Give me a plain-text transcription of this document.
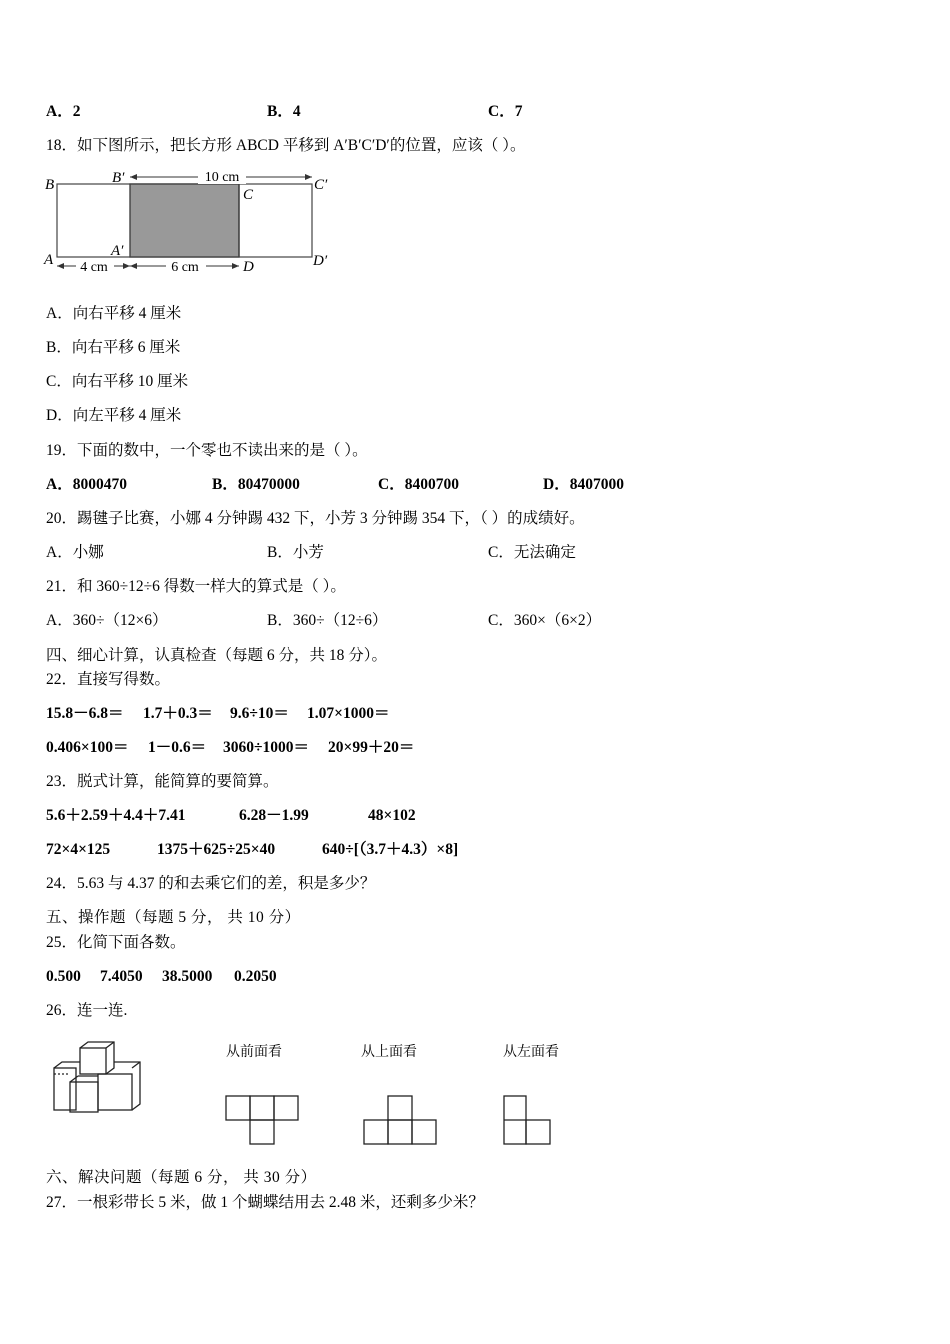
A．2	B．4	C．7
18．如下图所示，把长方形 ABCD 平移到 A′B′C′D′的位置，应该（ ）。
10 cm
4 cm	6 cm
B	B′
C
C′
A
A′
D	D′
A．向右平移 4 厘米
B．向右平移 6 厘米
C．向右平移 10 厘米
D．向左平移 4 厘米
19．下面的数中，一个零也不读出来的是（ ）。
A．8000470	B．80470000	C．8400700	D．8407000
20．踢毽子比赛，小娜 4 分钟踢 432 下，小芳 3 分钟踢 354 下，（ ）的成绩好。
A．小娜	B．小芳	C．无法确定
21．和 360÷12÷6 得数一样大的算式是（ ）。
A．360÷（12×6）	B．360÷（12÷6）	C．360×（6×2）
四、细心计算，认真检查（每题 6 分，共 18 分）。
22．直接写得数。
15.8－6.8＝ 1.7＋0.3＝ 9.6÷10＝ 1.07×1000＝
0.406×100＝ 1－0.6＝ 3060÷1000＝ 20×99＋20＝
23．脱式计算，能简算的要简算。
5.6＋2.59＋4.4＋7.41	6.28－1.99	48×102
72×4×125	1375＋625÷25×40	640÷[（3.7＋4.3）×8]
24．5.63 与 4.37 的和去乘它们的差，积是多少？
五、操作题（每题 5 分， 共 10 分）
25．化简下面各数。
0.500 7.4050 38.5000 0.2050
26．连一连.
从前面看	从上面看	从左面看
六、解决问题（每题 6 分， 共 30 分）
27．一根彩带长 5 米，做 1 个蝴蝶结用去 2.48 米，还剩多少米？
